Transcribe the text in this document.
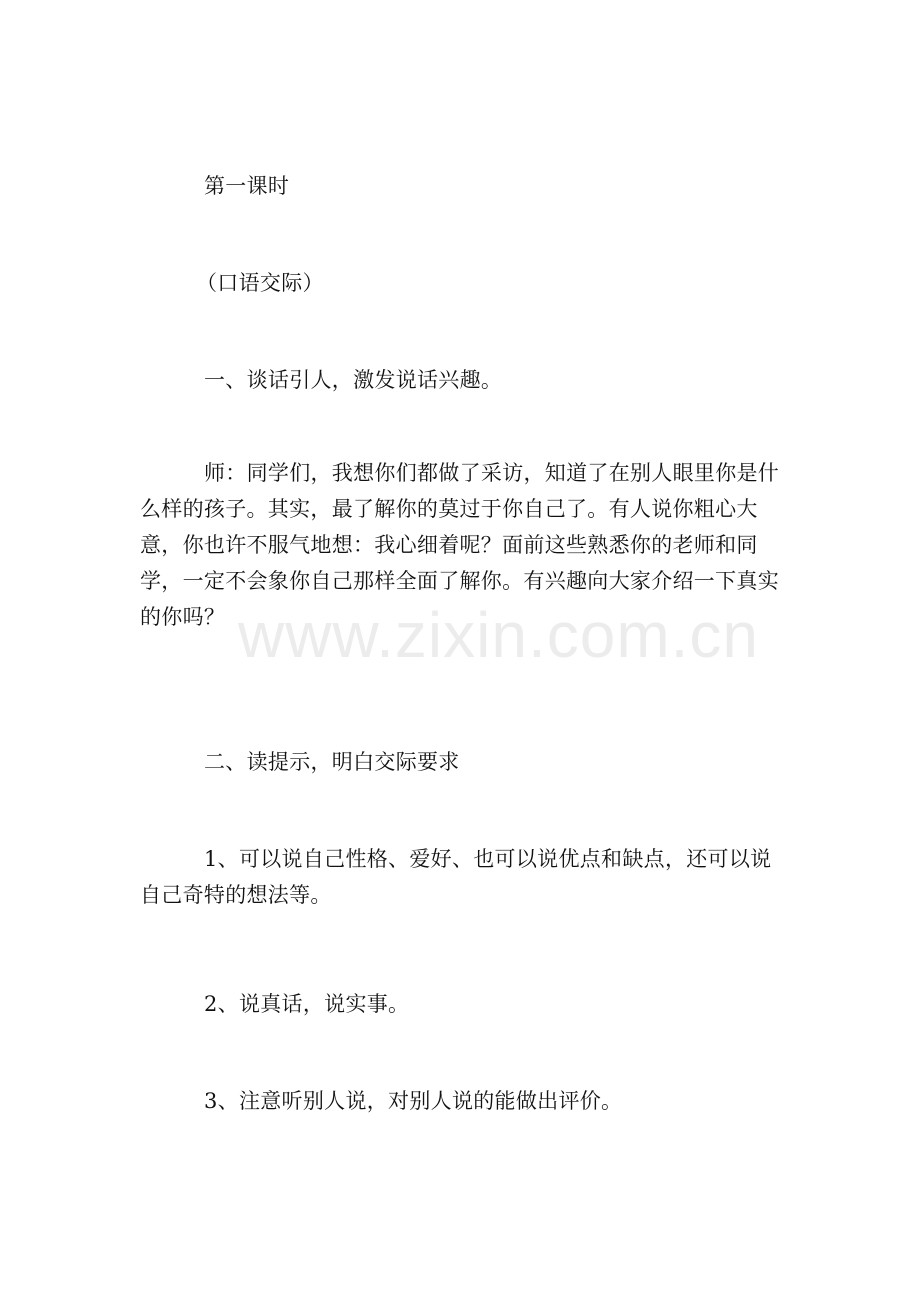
第一课时
（口语交际）
一、谈话引人，激发说话兴趣。
师：同学们，我想你们都做了采访，知道了在别人眼里你是什么样的孩子。其实，最了解你的莫过于你自己了。有人说你粗心大意，你也许不服气地想：我心细着呢？面前这些熟悉你的老师和同学，一定不会象你自己那样全面了解你。有兴趣向大家介绍一下真实的你吗？
二、读提示，明白交际要求
1、可以说自己性格、爱好、也可以说优点和缺点，还可以说自己奇特的想法等。
2、说真话，说实事。
3、注意听别人说，对别人说的能做出评价。
www.zixin.com.cn
